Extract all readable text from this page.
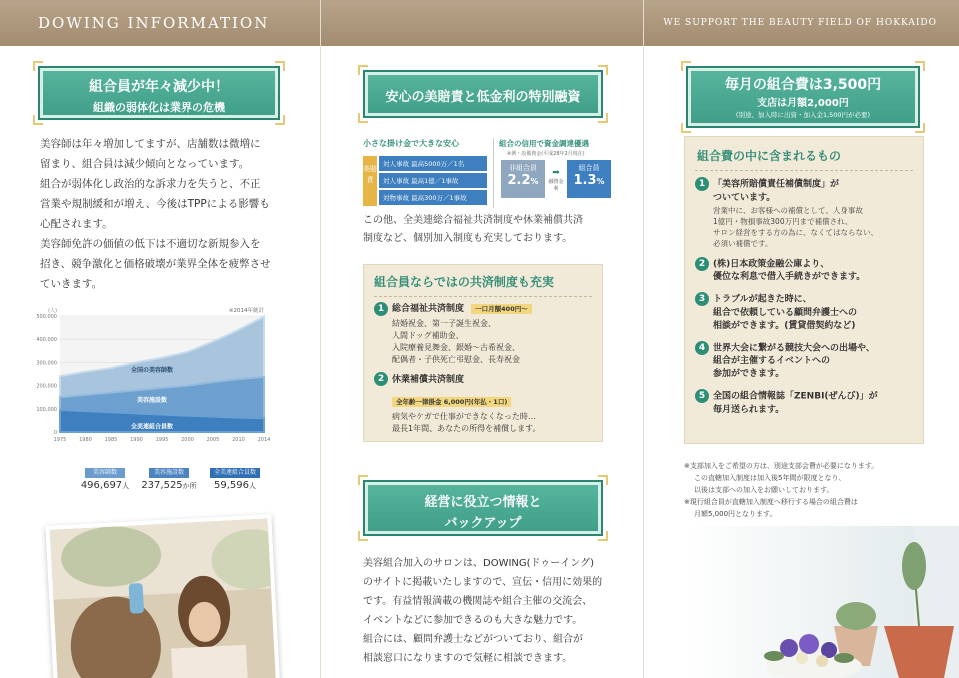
DOWING INFORMATION	WE SUPPORT THE BEAUTY FIELD OF HOKKAIDO
組合員が年々減少中！
組織の弱体化は業界の危機
美容師は年々増加してますが、店舗数は微増に
留まり、組合員は減少傾向となっています。
組合が弱体化し政治的な訴求力を失うと、不正
営業や規制緩和が増え、今後はTPPによる影響も
心配されます。
美容師免許の価値の低下は不適切な新規参入を
招き、競争激化と価格破壊が業界全体を疲弊させ
ていきます。
0
100,000
200,000
300,000
400,000
500,000
(人)	※2014年統計
全国の美容師数
美容施設数
全美連組合員数
1975	1980	1985	1990	1995	2000	2005	2010	2014
美容師数
496,697人
美容施設数
237,525か所
全美連組合員数
59,596人
安心の美賠責と低金利の特別融資
小さな掛け金で大きな安心
美賠責
対人事故 最高5000万／1名
対人事故 最高1億／1事故
対物事故 最高300万／1事故
組合の信用で資金調達優遇
※例・設備資金(平成28年2月現在)
非組合員
2.2%
➡
融資金利
組合員
1.3%
この他、全美連総合福祉共済制度や休業補償共済
制度など、個別加入制度も充実しております。
組合員ならではの共済制度も充実
1 総合福祉共済制度 一口月額400円～
結婚祝金、第一子誕生祝金、
人間ドッグ補助金、
入院療養見舞金、銀婚～古希祝金、
配偶者・子供死亡弔慰金、長寿祝金
2 休業補償共済制度
全年齢一律掛金 6,000円(年払・1口)
病気やケガで仕事ができなくなった時…
最長1年間、あなたの所得を補償します。
経営に役立つ情報と
バックアップ
美容組合加入のサロンは、DOWING(ドゥーイング)
のサイトに掲載いたしますので、宣伝・信用に効果的
です。有益情報満載の機関誌や組合主催の交流会、
イベントなどに参加できるのも大きな魅力です。
組合には、顧問弁護士などがついており、組合が
相談窓口になりますので気軽に相談できます。
毎月の組合費は3,500円
支店は月額2,000円
(別途、加入時に出資・加入金1,500円が必要)
組合費の中に含まれるもの
1 「美容所賠償責任補償制度」が
ついています。
営業中に、お客様への補償として、人身事故
1億円・物損事故300万円まで補償され、
サロン経営をする方の為に、なくてはならない、
必須い補償です。
2 (株)日本政策金融公庫より、
優位な利息で借入手続きができます。
3 トラブルが起きた時に、
組合で依頼している顧問弁護士への
相談ができます。(賃貸借契約など)
4 世界大会に繋がる競技大会への出場や、
組合が主催するイベントへの
参加ができます。
5 全国の組合情報誌「ZENBI(ぜんび)」が
毎月送られます。
※支部加入をご希望の方は、別途支部会費が必要になります。
この直轄加入制度は加入後5年間が限度となり、
以後は支部への加入をお願いしております。
※現行組合員が直轄加入制度へ移行する場合の組合費は
月額5,000円となります。
